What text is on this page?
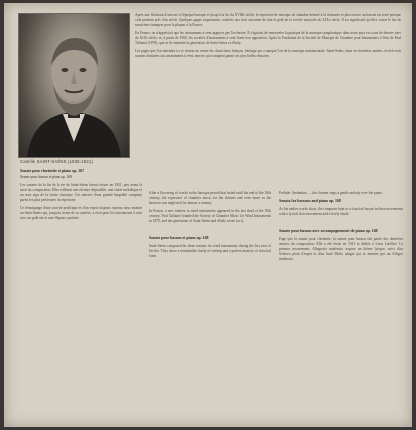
Camille SAINT-SAËNS (1835-1921)

Après une floraison d'oeuvres à l'époque baroque et jusqu'à la fin du XVIIIe siècle, le répertoire de musique de chambre destiné à la clarinette et plus encore au basson est resté presque vide pendant près d'un siècle. Quelques pages importantes, confiées aux bois suivaient de loin le goût de la société musicale du XIXe siècle. Il est significatif qu'elles soient le fait de musiciens étrangers pour la plupart à la France.

En France, on n'appréciait que les instruments à vent appuyés par l'orchestre. Il s'agissait de renouveler la pratique de la musique symphonique dans notre pays en cours de dernier tiers du XIXe siècle, et, à partir de 1900, les sociétés d'instruments à vent firent leur apparition. Après la Fondation de la Société de Musique de Chambre pour Instruments à Vent de Paul Taffanel (1879), que se fit entendre la génération de Saint-Saëns et d'Indy.

Les pages que l'on entendra ici se situent au centre du classicisme français, héritage qui a marqué l'art de la musique instrumentale. Saint-Saëns, dans ses dernières années, écrivit trois sonates destinées aux instruments à vent, œuvres qui comptent parmi ses plus belles réussites.

Sonate pour clarinette et piano op. 167
Sonate pour basson et piano op. 168

Les sonates de la fin de la vie de Saint-Saëns furent écrites en 1921, peu avant la mort du compositeur. Elles reflètent une écriture dépouillée, une clarté mélodique et un sens aigu de la forme classique. Ces œuvres d'une grande limpidité comptent parmi les plus précieuses du répertoire.

Ce témoignage d'une activité prolifique et d'un esprit toujours curieux nous montre un Saint-Saëns qui, jusqu'au terme de sa carrière, a écrit pour les instruments à vent avec un goût sûr et une élégance parfaite.

After a flowering of works in the baroque period that lasted until the end of the 18th century, the repertoire of chamber music for the clarinet and even more so the bassoon was neglected for almost a century.

In France, a new interest in wind instruments appeared in the last third of the 19th century. Paul Taffanel founded the Society of Chamber Music for Wind Instruments in 1879, and the generation of Saint-Saëns and d'Indy wrote for it.

Sonate pour basson et piano op. 168

Saint-Saëns composed his three sonatas for wind instruments during the last year of his life. They show a remarkable clarity of writing and a perfect mastery of classical form.

Prelude: Andantino — the clarinet sings a gentle melody over the piano.

Sonata for bassoon and piano op. 168

As his earlier works show, the composer kept to a classical layout in three movements with a lyrical slow movement and a lively finale.

Sonate pour basson avec accompagnement de piano op. 168

Page que la sonate pour clarinette, la sonate pour basson fait partie des dernières œuvres du compositeur. Elle a été écrite en 1921 et dédiée à Léon Letellier. Le premier mouvement, Allegretto moderato, expose un thème lyrique, suivi d'un Scherzo plein d'esprit et d'un final Molto adagio qui se termine par un Allegro moderato.
